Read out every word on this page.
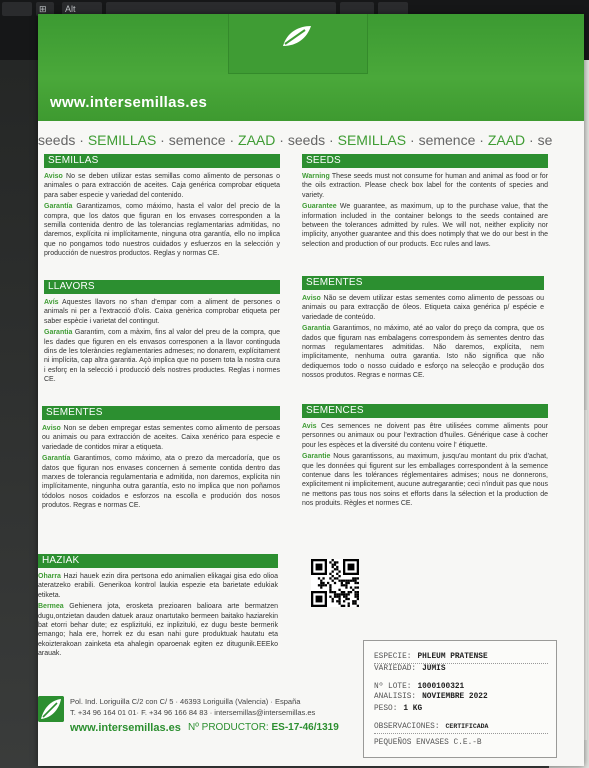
⊞	Alt
www.intersemillas.es
seeds · SEMILLAS · semence · ZAAD · seeds · SEMILLAS · semence · ZAAD · se
SEMILLAS

Aviso No se deben utilizar estas semillas como alimento de personas o animales o para extracción de aceites. Caja genérica comprobar etiqueta para saber especie y variedad del contenido.

Garantía Garantizamos, como máximo, hasta el valor del precio de la compra, que los datos que figuran en los envases corresponden a la semilla contenida dentro de las tolerancias reglamentarias admitidas, no daremos, explícita ni implícitamente, ninguna otra garantía, ello no implica que no pongamos todo nuestros cuidados y esfuerzos en la selección y producción de nuestros productos. Reglas y normas CE.

LLAVORS

Avís Aquestes llavors no s'han d'empar com a aliment de persones o animals ni per a l'extracció d'olis. Caixa genèrica comprobar etiqueta per saber espècie i varietat del contingut.

Garantia Garantim, com a màxim, fins al valor del preu de la compra, que les dades que figuren en els envasos corresponen a la llavor continguda dins de les toleràncies reglamentaries admeses; no donarem, explícitament ni implícita, cap altra garantia. Açò implica que no posem tota la nostra cura i esforç en la selecció i producció dels nostres productes. Reglas i normes CE.

SEMENTES

Aviso Non se deben empregar estas sementes como alimento de persoas ou animais ou para extracción de aceites. Caixa xenérico para especie e variedade de contidos mirar a etiqueta.

Garantía Garantimos, como máximo, ata o prezo da mercadoría, que os datos que figuran nos envases concernen á semente contida dentro das marxes de tolerancia regulamentaria e admitida, non daremos, explícita nin implícitamente, ningunha outra garantía, esto no implica que non poñamos tódolos nosos coidados e esforzos na escolla e produción dos nosos produtos. Regras e normas CE.

HAZIAK

Oharra Hazi hauek ezin dira pertsona edo animalien elikagai gisa edo olioa ateratzeko erabili. Generikoa kontrol laukia espezie eta barietate edukiak etiketa.

Bermea Gehienera jota, erosketa prezioaren balioara arte bermatzen dugu,ontzietan dauden datuek arauz onartutako bermeen baitako haziarekin bat etorri behar dute; ez esplizituki, ez inplizituki, ez dugu beste bermerik emango; hala ere, horrek ez du esan nahi gure produktuak hautatu eta ekoizterakoan zainketa eta ahalegin oparoenak egiten ez ditugunik.EEEko arauak.

SEEDS

Warning These seeds must not consume for human and animal as food or for the oils extraction. Please check box label for the contents of species and variety.

Guarantee We guarantee, as maximum, up to the purchase value, that the information included in the container belongs to the seeds contained are between the tolerances admitted by rules. We will not, neither explicity nor implicity, anyother guarantee and this does notimply that we do our best in the selection and production of our products. Ecc rules and laws.

SEMENTES

Aviso Não se devem utilizar estas sementes como alimento de pessoas ou animais ou para extracção de óleos. Etiqueta caixa genérica p/ espécie e variedade de conteúdo.

Garantia Garantimos, no máximo, até ao valor do preço da compra, que os dados que figuram nas embalagens correspondem às sementes dentro das normas regulamentares admitidas. Não daremos, explícita, nem implicitamente, nenhuma outra garantia. Isto não significa que não dediquemos todo o nosso cuidado e esforço na selecção e produção dos nossos produtos. Regras e normas CE.

SEMENCES

Avis Ces semences ne doivent pas être utilisées comme aliments pour personnes ou animaux ou pour l'extraction d'huiles. Générique case à cocher pour les espèces et la diversité du contenu voire l' étiquette.

Garantie Nous garantissons, au maximum, jusqu'au montant du prix d'achat, que les données qui figurent sur les emballages correspondent à la semence contenue dans les tolérances réglementaires admises; nous ne donnerons, explicitement ni implicitement, aucune autregarantie; ceci n'induit pas que nous ne mettons pas tous nos soins et efforts dans la sélection et la production de nos produits. Règles et normes CE.

Pol. Ind. Loriguilla C/2 con C/ 5 · 46393 Loriguilla (Valencia) · España
T. +34 96 164 01 01· F. +34 96 166 84 83 · intersemillas@intersemillas.es
www.intersemillas.es Nº PRODUCTOR: ES-17-46/1319
ESPECIE: PHLEUM PRATENSE
VARIEDAD: JUMIS
Nº LOTE: 1000100321
ANALISIS: NOVIEMBRE 2022
PESO: 1 KG
OBSERVACIONES: CERTIFICADA
PEQUEÑOS ENVASES C.E.-B
